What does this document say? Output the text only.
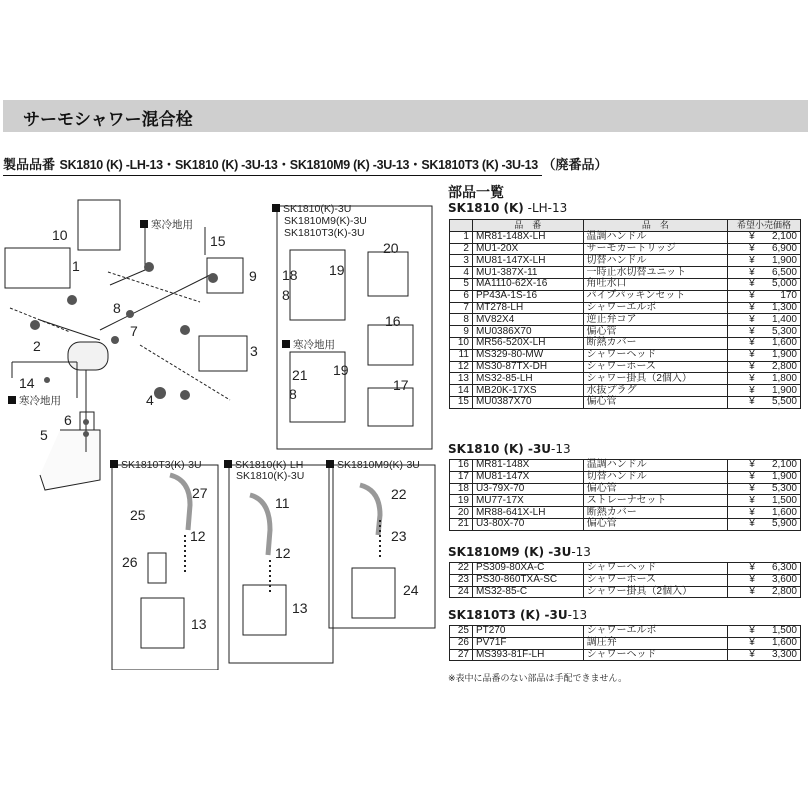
サーモシャワー混合栓
製品品番 SK1810 (K) -LH-13・SK1810 (K) -3U-13・SK1810M9 (K) -3U-13・SK1810T3 (K) -3U-13 （廃番品）
部品一覧
SK1810 (K) -LH-13
	品　番	品　名	希望小売価格
1	MR81-148X-LH	温調ハンドル	¥ 2,100
2	MU1-20X	サーモカートリッジ	¥ 6,900
3	MU81-147X-LH	切替ハンドル	¥ 1,900
4	MU1-387X-11	一時止水切替ユニット	¥ 6,500
5	MA1110-62X-16	角吐水口	¥ 5,000
6	PP43A-1S-16	パイプパッキンセット	¥ 170
7	MT278-LH	シャワーエルボ	¥ 1,300
8	MV82X4	逆止弁コア	¥ 1,400
9	MU0386X70	偏心管	¥ 5,300
10	MR56-520X-LH	断熱カバー	¥ 1,600
11	MS329-80-MW	シャワーヘッド	¥ 1,900
12	MS30-87TX-DH	シャワーホース	¥ 2,800
13	MS32-85-LH	シャワー掛具（2個入）	¥ 1,800
14	MB20K-17XS	水抜プラグ	¥ 1,900
15	MU0387X70	偏心管	¥ 5,500
SK1810 (K) -3U-13
16	MR81-148X	温調ハンドル	¥ 2,100
17	MU81-147X	切替ハンドル	¥ 1,900
18	U3-79X-70	偏心管	¥ 5,300
19	MU77-17X	ストレーナセット	¥ 1,500
20	MR88-641X-LH	断熱カバー	¥ 1,600
21	U3-80X-70	偏心管	¥ 5,900
SK1810M9 (K) -3U-13
22	PS309-80XA-C	シャワーヘッド	¥ 6,300
23	PS30-860TXA-SC	シャワーホース	¥ 3,600
24	MS32-85-C	シャワー掛具（2個入）	¥ 2,800
SK1810T3 (K) -3U-13
25	PT270	シャワーエルボ	¥ 1,500
26	PV71F	調圧弁	¥ 1,600
27	MS393-81F-LH	シャワーヘッド	¥ 3,300
※表中に品番のない部品は手配できません。
10
1
2	3
4
5
6
7
8
9
14
15
寒冷地用
寒冷地用
SK1810(K)-3U
SK1810M9(K)-3U
SK1810T3(K)-3U
18 19
8
20
16
寒冷地用
21 19
8
17
SK1810T3(K)-3U
27
25
12
26
13
SK1810(K)-LH
SK1810(K)-3U
11
12
13
SK1810M9(K)-3U
22
23
24
